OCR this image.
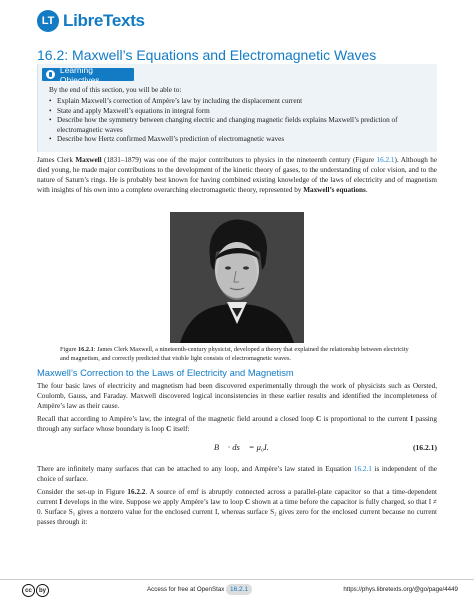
LT LibreTexts
16.2: Maxwell’s Equations and Electromagnetic Waves
Learning Objectives

By the end of this section, you will be able to:

• Explain Maxwell’s correction of Ampère’s law by including the displacement current
• State and apply Maxwell’s equations in integral form
• Describe how the symmetry between changing electric and changing magnetic fields explains Maxwell’s prediction of electromagnetic waves
• Describe how Hertz confirmed Maxwell’s prediction of electromagnetic waves

James Clerk Maxwell (1831–1879) was one of the major contributors to physics in the nineteenth century (Figure 16.2.1). Although he died young, he made major contributions to the development of the kinetic theory of gases, to the understanding of color vision, and to the nature of Saturn’s rings. He is probably best known for having combined existing knowledge of the laws of electricity and of magnetism with insights of his own into a complete overarching electromagnetic theory, represented by Maxwell’s equations.

Figure 16.2.1: James Clerk Maxwell, a nineteenth-century physicist, developed a theory that explained the relationship between electricity and magnetism, and correctly predicted that visible light consists of electromagnetic waves.

Maxwell’s Correction to the Laws of Electricity and Magnetism

The four basic laws of electricity and magnetism had been discovered experimentally through the work of physicists such as Oersted, Coulomb, Gauss, and Faraday. Maxwell discovered logical inconsistencies in these earlier results and identified the incompleteness of Ampère’s law as their cause.

Recall that according to Ampère’s law, the integral of the magnetic field around a closed loop C is proportional to the current I passing through any surface whose boundary is loop C itself:

∮ B⃗ · ds⃗ = μ₀I.	(16.2.1)

There are infinitely many surfaces that can be attached to any loop, and Ampère’s law stated in Equation 16.2.1 is independent of the choice of surface.

Consider the set-up in Figure 16.2.2. A source of emf is abruptly connected across a parallel-plate capacitor so that a time-dependent current I develops in the wire. Suppose we apply Ampère’s law to loop C shown at a time before the capacitor is fully charged, so that I ≠ 0. Surface S₁ gives a nonzero value for the enclosed current I, whereas surface S₂ gives zero for the enclosed current because no current passes through it:

cc	by	Access for free at OpenStax 16.2.1	https://phys.libretexts.org/@go/page/4449
